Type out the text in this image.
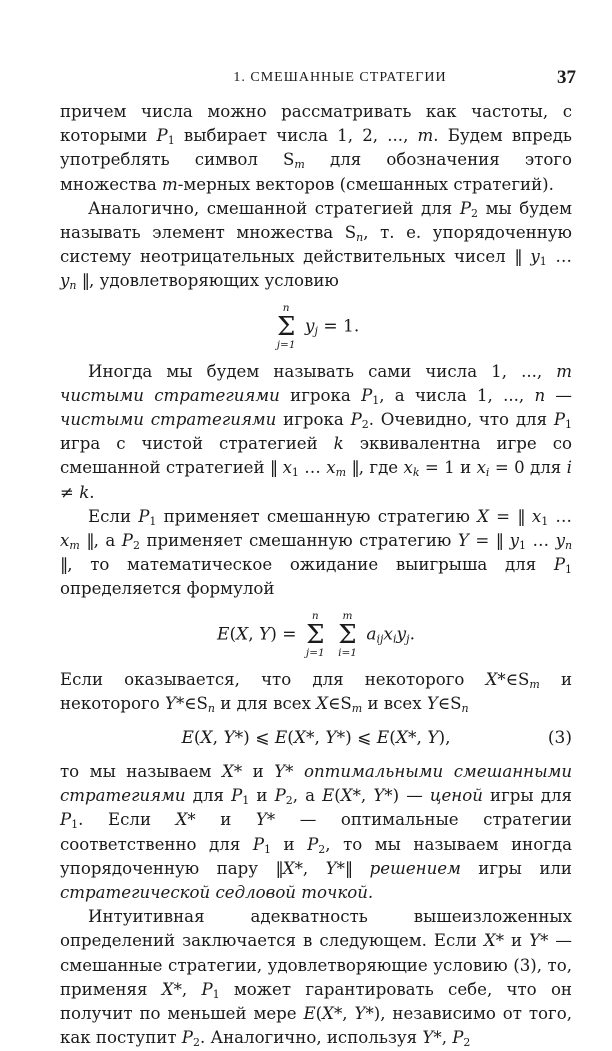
1. СМЕШАННЫЕ СТРАТЕГИИ	37

причем числа можно рассматривать как частоты, с которыми $P_1$ выбирает числа 1, 2, ..., m. Будем впредь употреблять символ $S_m$ для обозначения этого множества m-мерных векторов (смешанных стратегий).

Аналогично, смешанной стратегией для $P_2$ мы будем называть элемент множества $S_n$, т. е. упорядоченную систему неотрицательных действительных чисел ‖ $y_1$ … $y_n$ ‖, удовлетворяющих условию

n
Σ
j=1
$y_j = 1$.

Иногда мы будем называть сами числа 1, ..., m чистыми стратегиями игрока $P_1$, а числа 1, ..., n — чистыми стратегиями игрока $P_2$. Очевидно, что для $P_1$ игра с чистой стратегией k эквивалентна игре со смешанной стратегией ‖ $x_1$ … $x_m$ ‖, где $x_k = 1$ и $x_i = 0$ для i ≠ k.

Если $P_1$ применяет смешанную стратегию X = ‖ $x_1$ … $x_m$ ‖, а $P_2$ применяет смешанную стратегию Y = ‖ $y_1$ … $y_n$ ‖, то математическое ожидание выигрыша для $P_1$ определяется формулой

E(X, Y) =
n
Σ
j=1

m
Σ
i=1
$a_{ij}x_iy_j$.

Если оказывается, что для некоторого $X*\in S_m$ и некоторого $Y*\in S_n$ и для всех $X\in S_m$ и всех $Y\in S_n$

E(X, Y*) ⩽ E(X*, Y*) ⩽ E(X*, Y),	(3)

то мы называем X* и Y* оптимальными смешанными стратегиями для $P_1$ и $P_2$, а E(X*, Y*) — ценой игры для $P_1$. Если X* и Y* — оптимальные стратегии соответственно для $P_1$ и $P_2$, то мы называем иногда упорядоченную пару ‖X*, Y*‖ решением игры или стратегической седловой точкой.

Интуитивная адекватность вышеизложенных определений заключается в следующем. Если X* и Y* — смешанные стратегии, удовлетворяющие условию (3), то, применяя X*, $P_1$ может гарантировать себе, что он получит по меньшей мере E(X*, Y*), независимо от того, как поступит $P_2$. Аналогично, используя Y*, $P_2$
